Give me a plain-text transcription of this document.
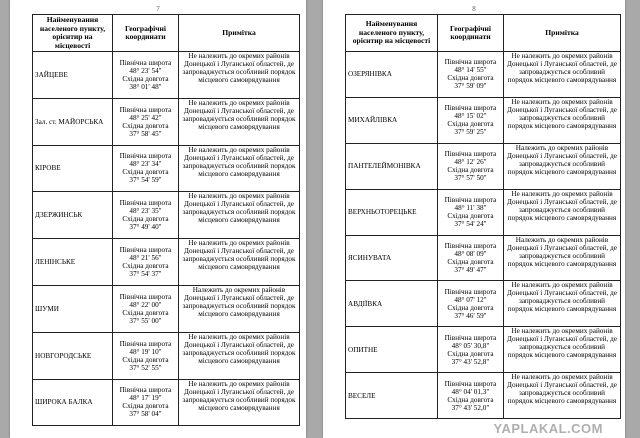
7
Найменування населеного пункту, орієнтир на місцевості	Географічні координати	Примітка
ЗАЙЦЕВЕ	Північна широта
48° 23' 54"
Східна довгота
38° 01' 48"	Не належить до окремих районів Донецької і Луганської областей, де запроваджується особливий порядок місцевого самоврядування
Зал. ст. МАЙОРСЬКА	Північна широта
48° 25' 42"
Східна довгота
37° 58' 45"	Не належить до окремих районів Донецької і Луганської областей, де запроваджується особливий порядок місцевого самоврядування
КІРОВЕ	Північна широта
48° 23' 34"
Східна довгота
37° 54' 59"	Не належить до окремих районів Донецької і Луганської областей, де запроваджується особливий порядок місцевого самоврядування
ДЗЕРЖИНСЬК	Північна широта
48° 23' 35"
Східна довгота
37° 49' 40"	Не належить до окремих районів Донецької і Луганської областей, де запроваджується особливий порядок місцевого самоврядування
ЛЕНІНСЬКЕ	Північна широта
48° 21' 56"
Східна довгота
37° 54' 37"	Не належить до окремих районів Донецької і Луганської областей, де запроваджується особливий порядок місцевого самоврядування
ШУМИ	Північна широта
48° 22' 00"
Східна довгота
37° 55' 00"	Належить до окремих районів Донецької і Луганської областей, де запроваджується особливий порядок місцевого самоврядування
НОВГОРОДСЬКЕ	Північна широта
48° 19' 10"
Східна довгота
37° 52' 55"	Не належить до окремих районів Донецької і Луганської областей, де запроваджується особливий порядок місцевого самоврядування
ШИРОКА БАЛКА	Північна широта
48° 17' 19"
Східна довгота
37° 58' 04"	Не належить до окремих районів Донецької і Луганської областей, де запроваджується особливий порядок місцевого самоврядування
8
Найменування населеного пункту, орієнтир на місцевості	Географічні координати	Примітка
ОЗЕРЯНІВКА	Північна широта
48° 14' 55"
Східна довгота
37° 59' 09"	Не належить до окремих районів Донецької і Луганської областей, де запроваджується особливий порядок місцевого самоврядування
МИХАЙЛІВКА	Північна широта
48° 15' 02"
Східна довгота
37° 59' 25"	Не належить до окремих районів Донецької і Луганської областей, де запроваджується особливий порядок місцевого самоврядування
ПАНТЕЛЕЙМОНІВКА	Північна широта
48° 12' 26"
Східна довгота
37° 57' 50"	Належить до окремих районів Донецької і Луганської областей, де запроваджується особливий порядок місцевого самоврядування
ВЕРХНЬОТОРЕЦЬКЕ	Північна широта
48° 11' 38"
Східна довгота
37° 54' 24"	Не належить до окремих районів Донецької і Луганської областей, де запроваджується особливий порядок місцевого самоврядування
ЯСИНУВАТА	Північна широта
48° 08' 09"
Східна довгота
37° 49' 47"	Належить до окремих районів Донецької і Луганської областей, де запроваджується особливий порядок місцевого самоврядування
АВДІЇВКА	Північна широта
48° 07' 12"
Східна довгота
37° 46' 59"	Не належить до окремих районів Донецької і Луганської областей, де запроваджується особливий порядок місцевого самоврядування
ОПИТНЕ	Північна широта
48° 05' 30,8"
Східна довгота
37° 43' 52,8"	Не належить до окремих районів Донецької і Луганської областей, де запроваджується особливий порядок місцевого самоврядування
ВЕСЕЛЕ	Північна широта
48° 04' 01,3"
Східна довгота
37° 43' 52,0"	Не належить до окремих районів Донецької і Луганської областей, де запроваджується особливий порядок місцевого самоврядування
YAPLAKAL.COM
